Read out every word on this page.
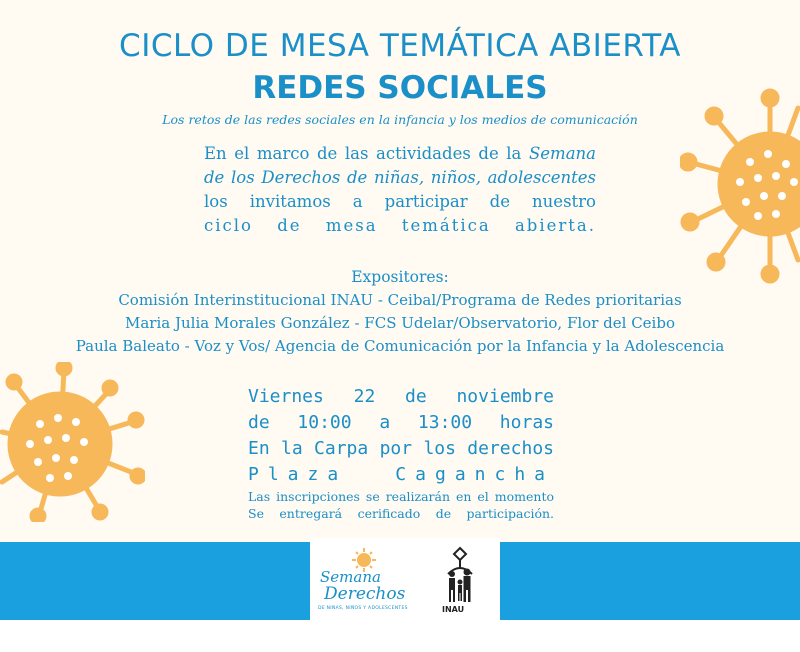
CICLO DE MESA TEMÁTICA ABIERTA
REDES SOCIALES
Los retos de las redes sociales en la infancia y los medios de comunicación
En el marco de las actividades de la Semana
de los Derechos de niñas, niños, adolescentes
los invitamos a participar de nuestro
ciclo de mesa temática abierta.
Expositores:
Comisión Interinstitucional INAU - Ceibal/Programa de Redes prioritarias
Maria Julia Morales González - FCS Udelar/Observatorio, Flor del Ceibo
Paula Baleato - Voz y Vos/ Agencia de Comunicación por la Infancia y la Adolescencia
Viernes 22 de noviembre
de 10:00 a 13:00 horas
En la Carpa por los derechos
Plaza Cagancha
Las inscripciones se realizarán en el momento
Se entregará cerificado de participación.
Semana
Derechos
DE NIÑAS, NIÑOS Y ADOLESCENTES	INAU
